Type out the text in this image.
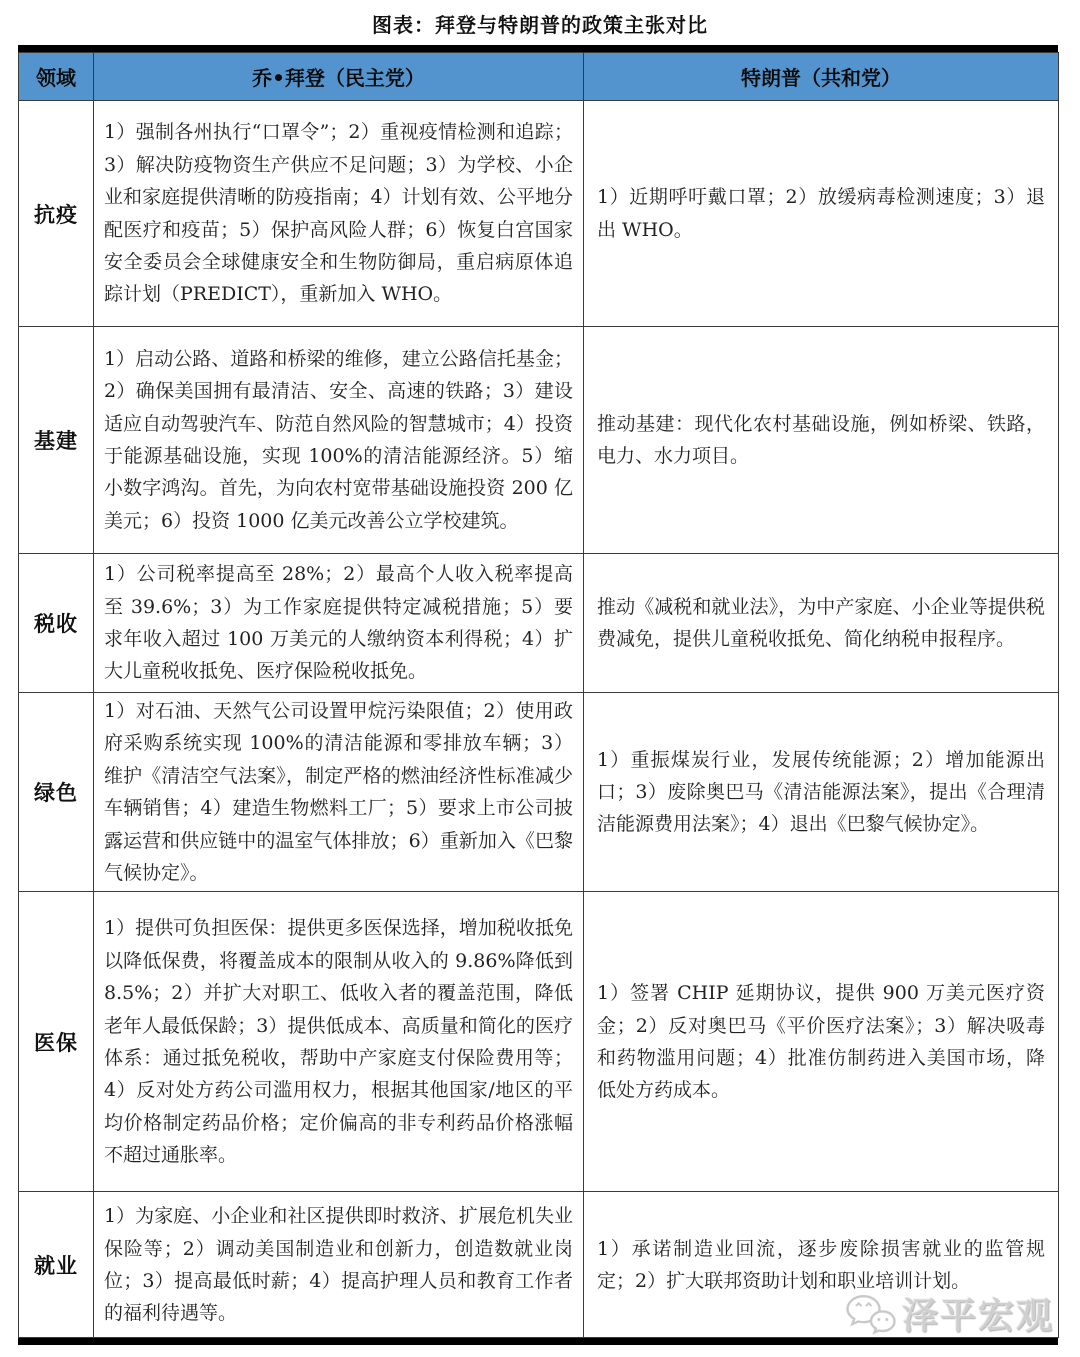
图表：拜登与特朗普的政策主张对比
领域	乔•拜登（民主党）	特朗普（共和党）
抗疫	1）强制各州执行“口罩令”；2）重视疫情检测和追踪；3）解决防疫物资生产供应不足问题；3）为学校、小企业和家庭提供清晰的防疫指南；4）计划有效、公平地分配医疗和疫苗；5）保护高风险人群；6）恢复白宫国家安全委员会全球健康安全和生物防御局，重启病原体追踪计划（PREDICT），重新加入 WHO。	1）近期呼吁戴口罩；2）放缓病毒检测速度；3）退出 WHO。
基建	1）启动公路、道路和桥梁的维修，建立公路信托基金；2）确保美国拥有最清洁、安全、高速的铁路；3）建设适应自动驾驶汽车、防范自然风险的智慧城市；4）投资于能源基础设施，实现 100%的清洁能源经济。5）缩小数字鸿沟。首先，为向农村宽带基础设施投资 200 亿美元；6）投资 1000 亿美元改善公立学校建筑。	推动基建：现代化农村基础设施，例如桥梁、铁路，电力、水力项目。
税收	1）公司税率提高至 28%；2）最高个人收入税率提高至 39.6%；3）为工作家庭提供特定减税措施；5）要求年收入超过 100 万美元的人缴纳资本利得税；4）扩大儿童税收抵免、医疗保险税收抵免。	推动《减税和就业法》，为中产家庭、小企业等提供税费减免，提供儿童税收抵免、简化纳税申报程序。
绿色	1）对石油、天然气公司设置甲烷污染限值；2）使用政府采购系统实现 100%的清洁能源和零排放车辆；3）维护《清洁空气法案》，制定严格的燃油经济性标准减少车辆销售；4）建造生物燃料工厂；5）要求上市公司披露运营和供应链中的温室气体排放；6）重新加入《巴黎气候协定》。	1）重振煤炭行业，发展传统能源；2）增加能源出口；3）废除奥巴马《清洁能源法案》，提出《合理清洁能源费用法案》；4）退出《巴黎气候协定》。
医保	1）提供可负担医保：提供更多医保选择，增加税收抵免以降低保费，将覆盖成本的限制从收入的 9.86%降低到 8.5%；2）并扩大对职工、低收入者的覆盖范围，降低老年人最低保龄；3）提供低成本、高质量和简化的医疗体系：通过抵免税收，帮助中产家庭支付保险费用等；4）反对处方药公司滥用权力，根据其他国家/地区的平均价格制定药品价格；定价偏高的非专利药品价格涨幅不超过通胀率。	1）签署 CHIP 延期协议，提供 900 万美元医疗资金；2）反对奥巴马《平价医疗法案》；3）解决吸毒和药物滥用问题；4）批准仿制药进入美国市场，降低处方药成本。
就业	1）为家庭、小企业和社区提供即时救济、扩展危机失业保险等；2）调动美国制造业和创新力，创造数就业岗位；3）提高最低时薪；4）提高护理人员和教育工作者的福利待遇等。	1）承诺制造业回流，逐步废除损害就业的监管规定；2）扩大联邦资助计划和职业培训计划。
泽平宏观
